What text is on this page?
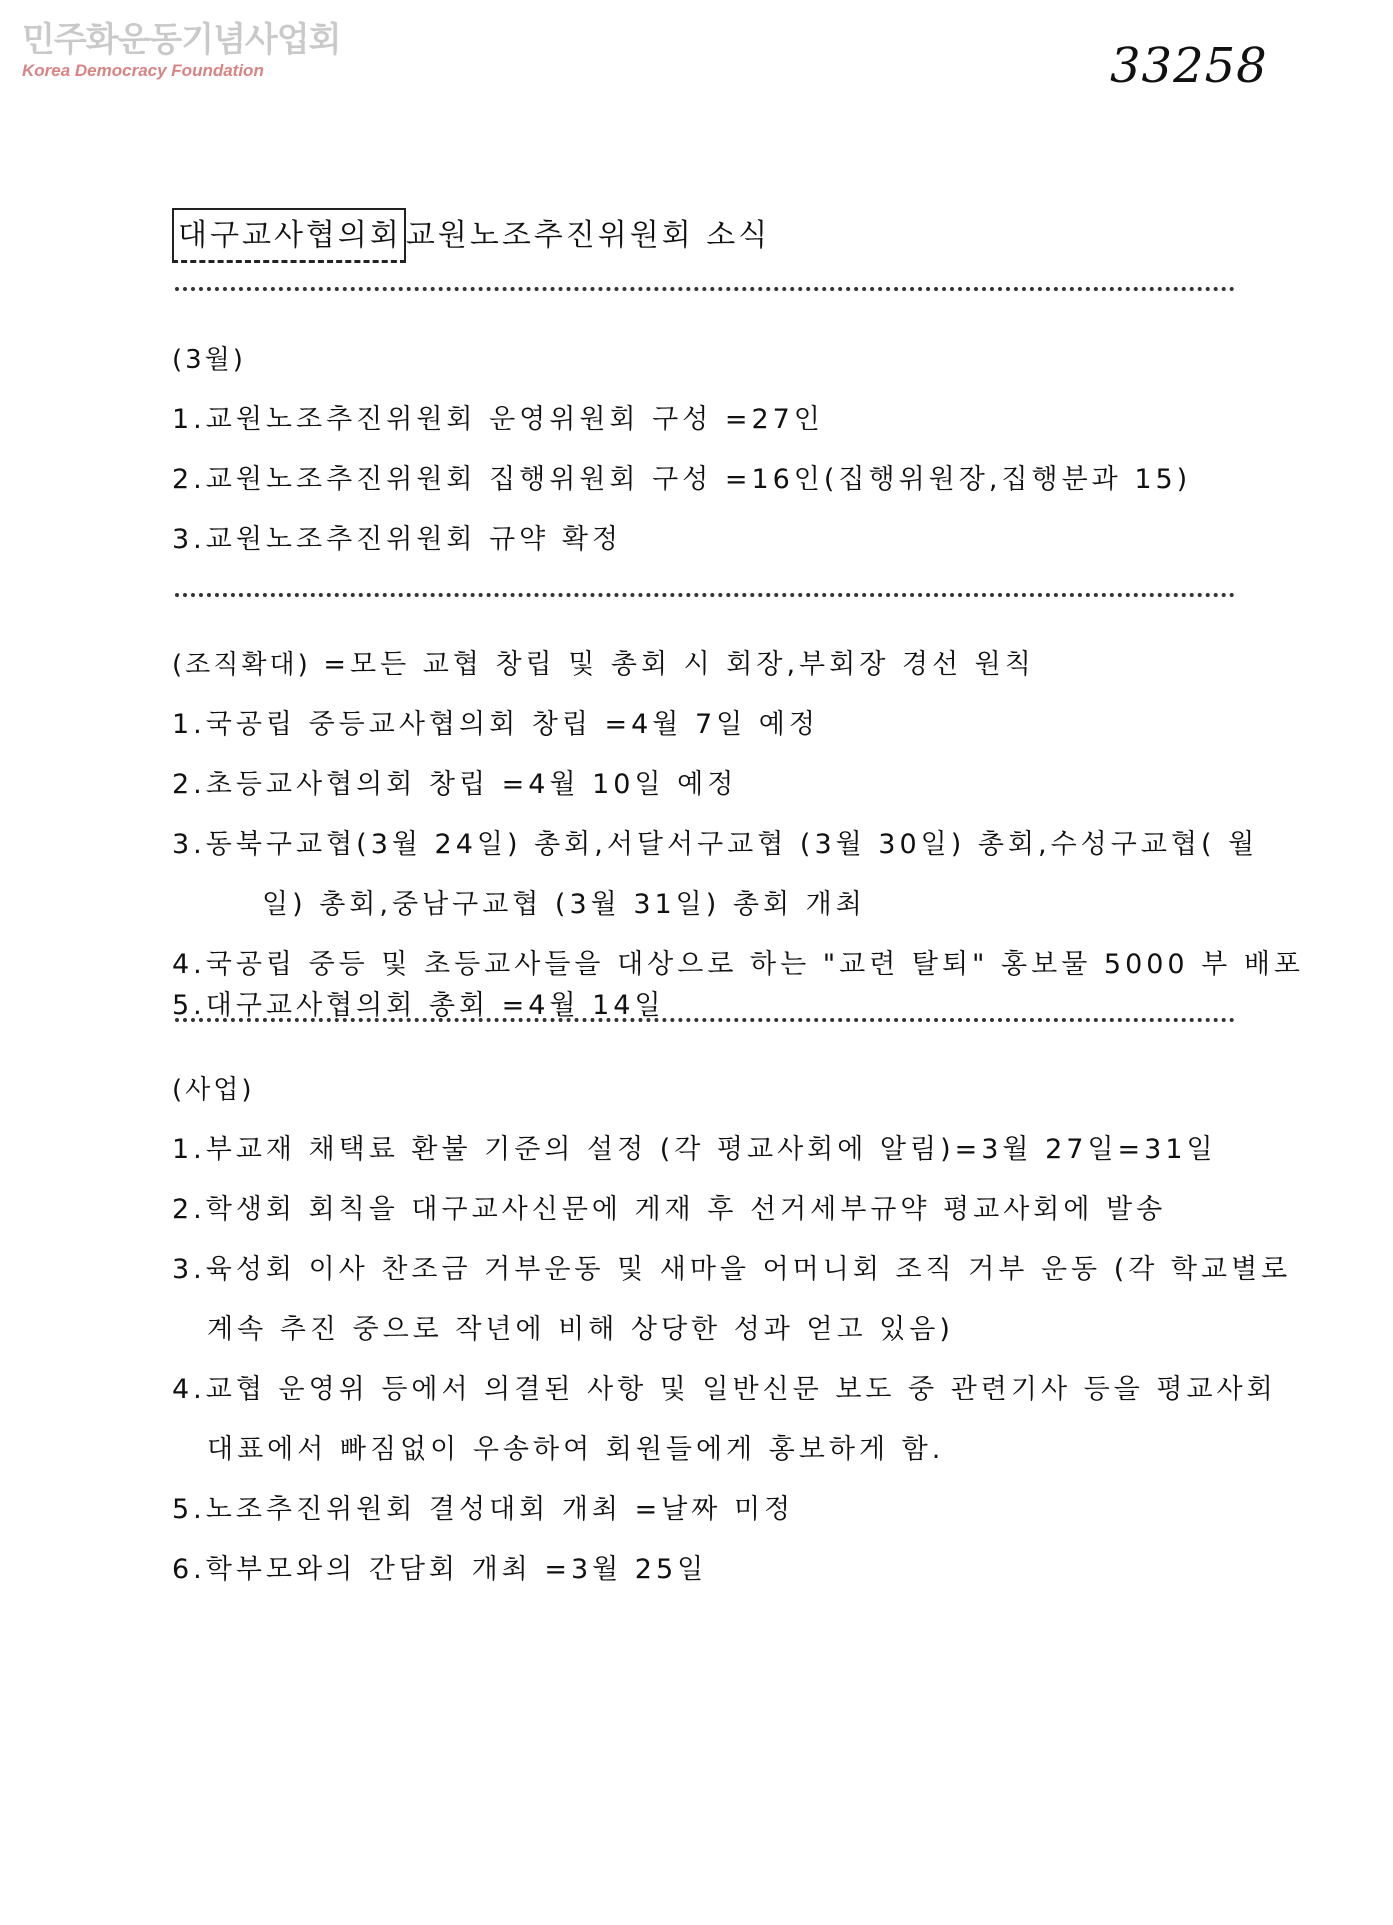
민주화운동기념사업회
Korea Democracy Foundation	33258
대구교사협의회 교원노조추진위원회 소식
(3월)
1.교원노조추진위원회 운영위원회 구성 =27인
2.교원노조추진위원회 집행위원회 구성 =16인(집행위원장,집행분과 15)
3.교원노조추진위원회 규약 확정
(조직확대) =모든 교협 창립 및 총회 시 회장,부회장 경선 원칙
1.국공립 중등교사협의회 창립 =4월 7일 예정
2.초등교사협의회 창립 =4월 10일 예정
3.동북구교협(3월 24일) 총회,서달서구교협 (3월 30일) 총회,수성구교협( 월
일) 총회,중남구교협 (3월 31일) 총회 개최
4.국공립 중등 및 초등교사들을 대상으로 하는 "교련 탈퇴" 홍보물 5000 부 배포
5.대구교사협의회 총회 =4월 14일
(사업)
1.부교재 채택료 환불 기준의 설정 (각 평교사회에 알림)=3월 27일=31일
2.학생회 회칙을 대구교사신문에 게재 후 선거세부규약 평교사회에 발송
3.육성회 이사 찬조금 거부운동 및 새마을 어머니회 조직 거부 운동 (각 학교별로
계속 추진 중으로 작년에 비해 상당한 성과 얻고 있음)
4.교협 운영위 등에서 의결된 사항 및 일반신문 보도 중 관련기사 등을 평교사회
대표에서 빠짐없이 우송하여 회원들에게 홍보하게 함.
5.노조추진위원회 결성대회 개최 =날짜 미정
6.학부모와의 간담회 개최 =3월 25일
